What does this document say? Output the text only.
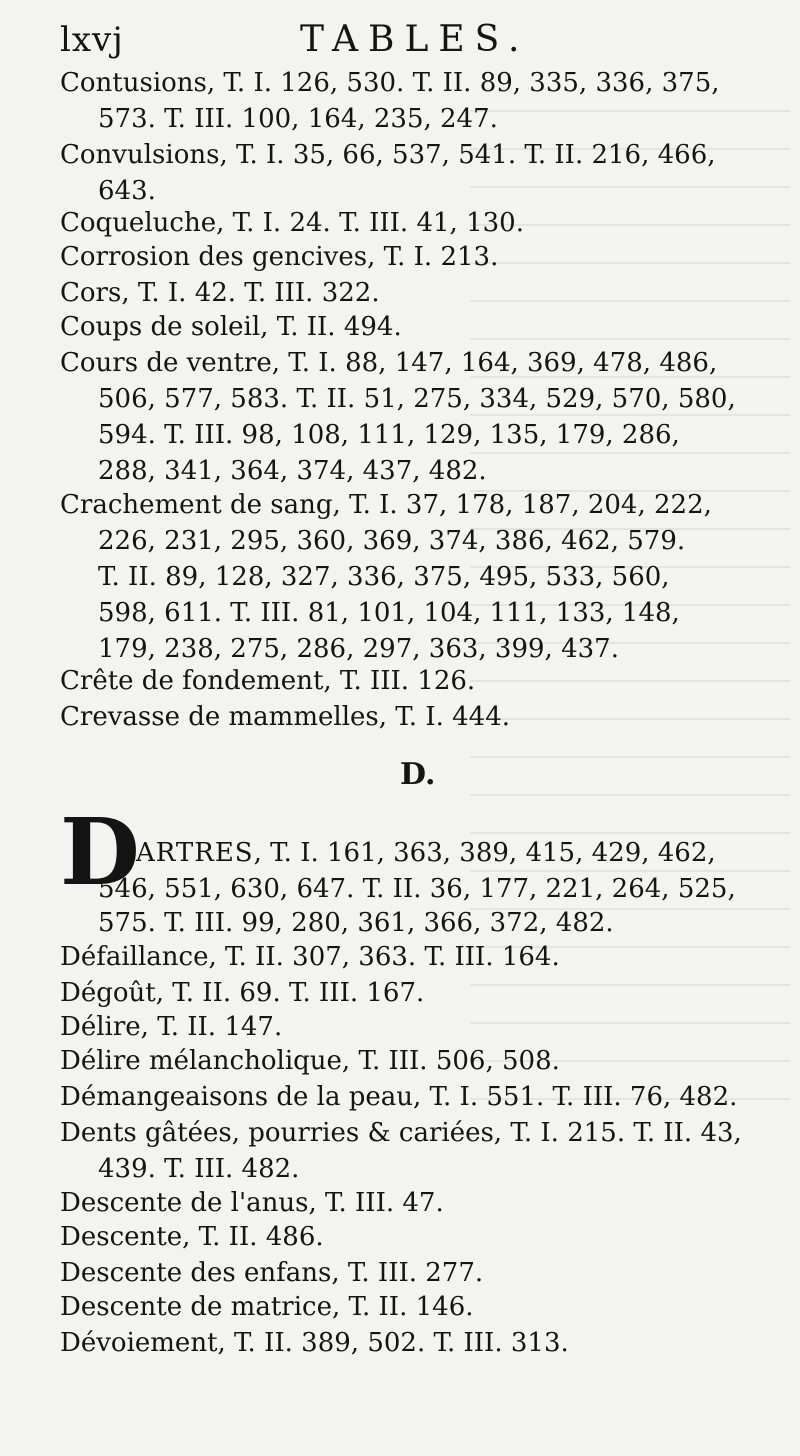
lxvj	TABLES.
Contusions, T. I. 126, 530. T. II. 89, 335, 336, 375,
573. T. III. 100, 164, 235, 247.
Convulsions, T. I. 35, 66, 537, 541. T. II. 216, 466,
643.
Coqueluche, T. I. 24. T. III. 41, 130.
Corrosion des gencives, T. I. 213.
Cors, T. I. 42. T. III. 322.
Coups de soleil, T. II. 494.
Cours de ventre, T. I. 88, 147, 164, 369, 478, 486,
506, 577, 583. T. II. 51, 275, 334, 529, 570, 580,
594. T. III. 98, 108, 111, 129, 135, 179, 286,
288, 341, 364, 374, 437, 482.
Crachement de sang, T. I. 37, 178, 187, 204, 222,
226, 231, 295, 360, 369, 374, 386, 462, 579.
T. II. 89, 128, 327, 336, 375, 495, 533, 560,
598, 611. T. III. 81, 101, 104, 111, 133, 148,
179, 238, 275, 286, 297, 363, 399, 437.
Crête de fondement, T. III. 126.
Crevasse de mammelles, T. I. 444.
D.
D
ARTRES, T. I. 161, 363, 389, 415, 429, 462,
546, 551, 630, 647. T. II. 36, 177, 221, 264, 525,
575. T. III. 99, 280, 361, 366, 372, 482.
Défaillance, T. II. 307, 363. T. III. 164.
Dégoût, T. II. 69. T. III. 167.
Délire, T. II. 147.
Délire mélancholique, T. III. 506, 508.
Démangeaisons de la peau, T. I. 551. T. III. 76, 482.
Dents gâtées, pourries & cariées, T. I. 215. T. II. 43,
439. T. III. 482.
Descente de l'anus, T. III. 47.
Descente, T. II. 486.
Descente des enfans, T. III. 277.
Descente de matrice, T. II. 146.
Dévoiement, T. II. 389, 502. T. III. 313.
